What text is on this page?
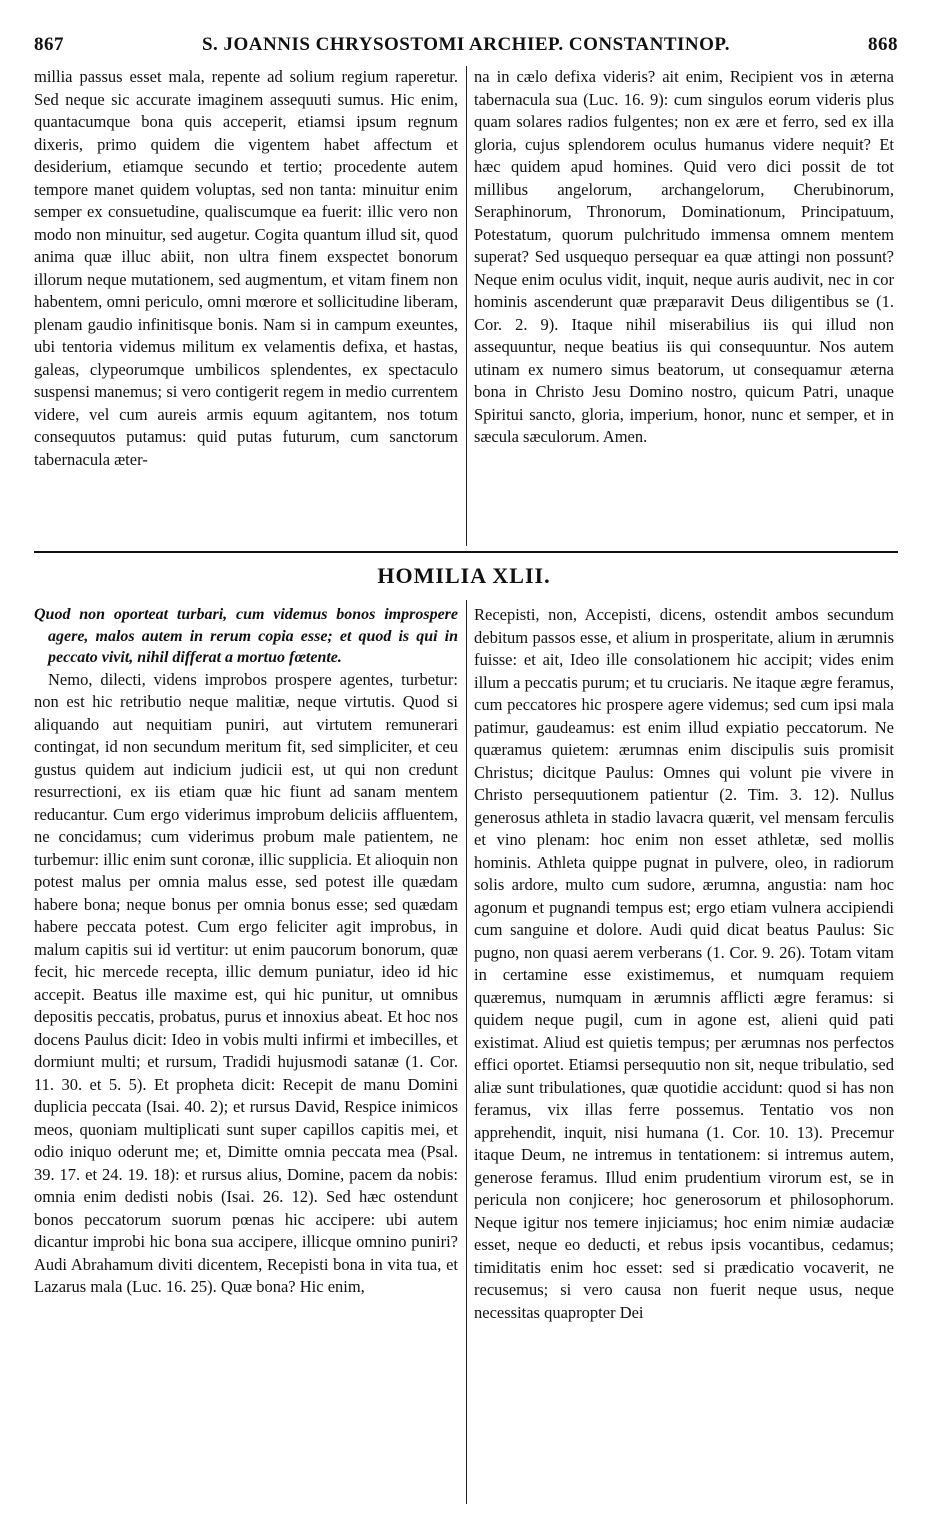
867	S. JOANNIS CHRYSOSTOMI ARCHIEP. CONSTANTINOP.	868

millia passus esset mala, repente ad solium regium raperetur. Sed neque sic accurate imaginem assequuti sumus. Hic enim, quantacumque bona quis acceperit, etiamsi ipsum regnum dixeris, primo quidem die vigentem habet affectum et desiderium, etiamque secundo et tertio; procedente autem tempore manet quidem voluptas, sed non tanta: minuitur enim semper ex consuetudine, qualiscumque ea fuerit: illic vero non modo non minuitur, sed augetur. Cogita quantum illud sit, quod anima quæ illuc abiit, non ultra finem exspectet bonorum illorum neque mutationem, sed augmentum, et vitam finem non habentem, omni periculo, omni mœrore et sollicitudine liberam, plenam gaudio infinitisque bonis. Nam si in campum exeuntes, ubi tentoria videmus militum ex velamentis defixa, et hastas, galeas, clypeorumque umbilicos splendentes, ex spectaculo suspensi manemus; si vero contigerit regem in medio currentem videre, vel cum aureis armis equum agitantem, nos totum consequutos putamus: quid putas futurum, cum sanctorum tabernacula æter-

na in cælo defixa videris? ait enim, Recipient vos in æterna tabernacula sua (Luc. 16. 9): cum singulos eorum videris plus quam solares radios fulgentes; non ex ære et ferro, sed ex illa gloria, cujus splendorem oculus humanus videre nequit? Et hæc quidem apud homines. Quid vero dici possit de tot millibus angelorum, archangelorum, Cherubinorum, Seraphinorum, Thronorum, Dominationum, Principatuum, Potestatum, quorum pulchritudo immensa omnem mentem superat? Sed usquequo persequar ea quæ attingi non possunt? Neque enim oculus vidit, inquit, neque auris audivit, nec in cor hominis ascenderunt quæ præparavit Deus diligentibus se (1. Cor. 2. 9). Itaque nihil miserabilius iis qui illud non assequuntur, neque beatius iis qui consequuntur. Nos autem utinam ex numero simus beatorum, ut consequamur æterna bona in Christo Jesu Domino nostro, quicum Patri, unaque Spiritui sancto, gloria, imperium, honor, nunc et semper, et in sæcula sæculorum. Amen.

HOMILIA XLII.

Quod non oporteat turbari, cum videmus bonos improspere agere, malos autem in rerum copia esse; et quod is qui in peccato vivit, nihil differat a mortuo fœtente.

Nemo, dilecti, videns improbos prospere agentes, turbetur: non est hic retributio neque malitiæ, neque virtutis. Quod si aliquando aut nequitiam puniri, aut virtutem remunerari contingat, id non secundum meritum fit, sed simpliciter, et ceu gustus quidem aut indicium judicii est, ut qui non credunt resurrectioni, ex iis etiam quæ hic fiunt ad sanam mentem reducantur. Cum ergo viderimus improbum deliciis affluentem, ne concidamus; cum viderimus probum male patientem, ne turbemur: illic enim sunt coronæ, illic supplicia. Et alioquin non potest malus per omnia malus esse, sed potest ille quædam habere bona; neque bonus per omnia bonus esse; sed quædam habere peccata potest. Cum ergo feliciter agit improbus, in malum capitis sui id vertitur: ut enim paucorum bonorum, quæ fecit, hic mercede recepta, illic demum puniatur, ideo id hic accepit. Beatus ille maxime est, qui hic punitur, ut omnibus depositis peccatis, probatus, purus et innoxius abeat. Et hoc nos docens Paulus dicit: Ideo in vobis multi infirmi et imbecilles, et dormiunt multi; et rursum, Tradidi hujusmodi satanæ (1. Cor. 11. 30. et 5. 5). Et propheta dicit: Recepit de manu Domini duplicia peccata (Isai. 40. 2); et rursus David, Respice inimicos meos, quoniam multiplicati sunt super capillos capitis mei, et odio iniquo oderunt me; et, Dimitte omnia peccata mea (Psal. 39. 17. et 24. 19. 18): et rursus alius, Domine, pacem da nobis: omnia enim dedisti nobis (Isai. 26. 12). Sed hæc ostendunt bonos peccatorum suorum pœnas hic accipere: ubi autem dicantur improbi hic bona sua accipere, illicque omnino puniri? Audi Abrahamum diviti dicentem, Recepisti bona in vita tua, et Lazarus mala (Luc. 16. 25). Quæ bona? Hic enim,

Recepisti, non, Accepisti, dicens, ostendit ambos secundum debitum passos esse, et alium in prosperitate, alium in ærumnis fuisse: et ait, Ideo ille consolationem hic accipit; vides enim illum a peccatis purum; et tu cruciaris. Ne itaque ægre feramus, cum peccatores hic prospere agere videmus; sed cum ipsi mala patimur, gaudeamus: est enim illud expiatio peccatorum. Ne quæramus quietem: ærumnas enim discipulis suis promisit Christus; dicitque Paulus: Omnes qui volunt pie vivere in Christo persequutionem patientur (2. Tim. 3. 12). Nullus generosus athleta in stadio lavacra quærit, vel mensam ferculis et vino plenam: hoc enim non esset athletæ, sed mollis hominis. Athleta quippe pugnat in pulvere, oleo, in radiorum solis ardore, multo cum sudore, ærumna, angustia: nam hoc agonum et pugnandi tempus est; ergo etiam vulnera accipiendi cum sanguine et dolore. Audi quid dicat beatus Paulus: Sic pugno, non quasi aerem verberans (1. Cor. 9. 26). Totam vitam in certamine esse existimemus, et numquam requiem quæremus, numquam in ærumnis afflicti ægre feramus: si quidem neque pugil, cum in agone est, alieni quid pati existimat. Aliud est quietis tempus; per ærumnas nos perfectos effici oportet. Etiamsi persequutio non sit, neque tribulatio, sed aliæ sunt tribulationes, quæ quotidie accidunt: quod si has non feramus, vix illas ferre possemus. Tentatio vos non apprehendit, inquit, nisi humana (1. Cor. 10. 13). Precemur itaque Deum, ne intremus in tentationem: si intremus autem, generose feramus. Illud enim prudentium virorum est, se in pericula non conjicere; hoc generosorum et philosophorum. Neque igitur nos temere injiciamus; hoc enim nimiæ audaciæ esset, neque eo deducti, et rebus ipsis vocantibus, cedamus; timiditatis enim hoc esset: sed si prædicatio vocaverit, ne recusemus; si vero causa non fuerit neque usus, neque necessitas quapropter Dei
